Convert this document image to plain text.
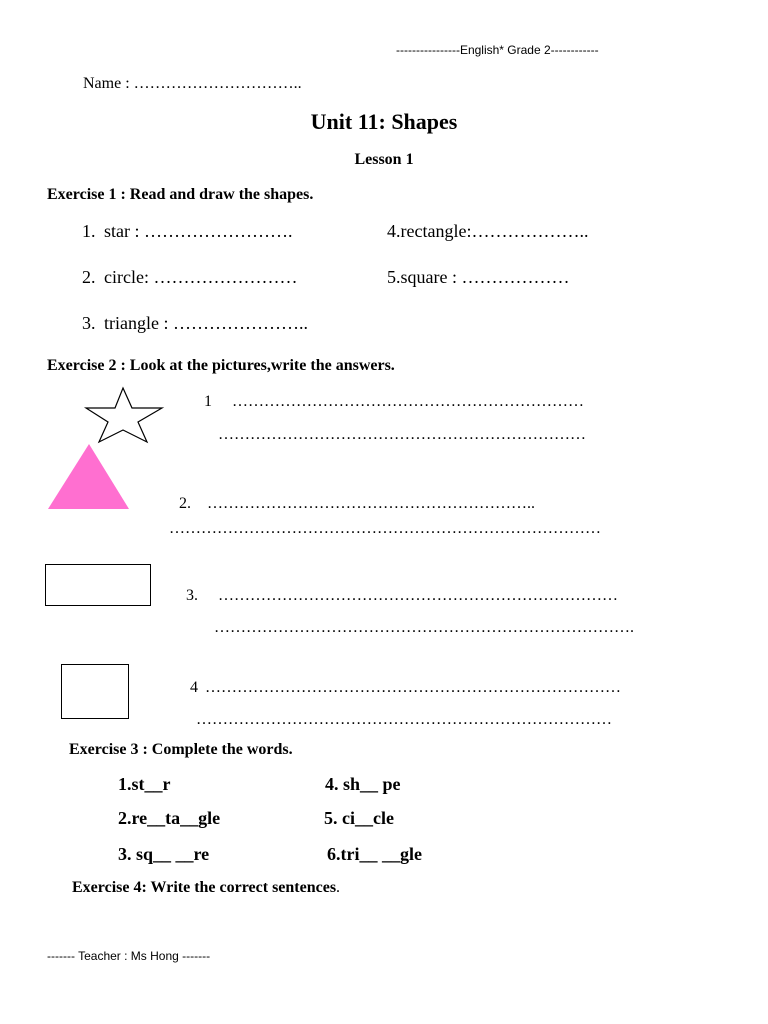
----------------English* Grade 2------------
Name : …………………………..
Unit 11: Shapes
Lesson 1
Exercise 1 : Read and draw the shapes.
1. star : …………………….	4.rectangle:………………..
2. circle: ……………………	5.square : ………………
3. triangle : …………………..
Exercise 2 : Look at the pictures,write the answers.
1 …………………………………………………………
……………………………………………………………
2. ……………………………………………………..
………………………………………………………………………
3. …………………………………………………………………
…………………………………………………………………….
4 ……………………………………………………………………
……………………………………………………………………
Exercise 3 : Complete the words.
1.st__r	4. sh__ pe
2.re__ta__gle	5. ci__cle
3. sq__ __re	6.tri__ __gle
Exercise 4: Write the correct sentences.
------- Teacher : Ms Hong -------
